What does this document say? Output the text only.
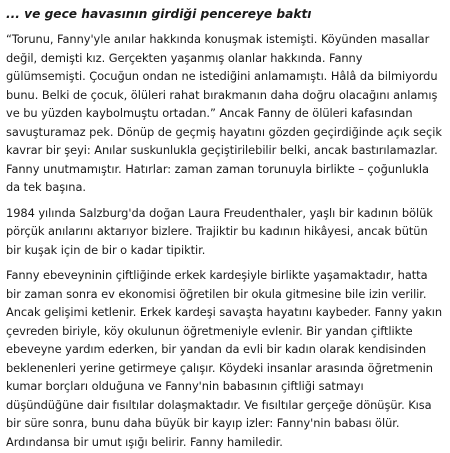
... ve gece havasının girdiği pencereye baktı

“Torunu, Fanny'yle anılar hakkında konuşmak istemişti. Köyünden masallar değil, demişti kız. Gerçekten yaşanmış olanlar hakkında. Fanny gülümsemişti. Çocuğun ondan ne istediğini anlamamıştı. Hâlâ da bilmiyordu bunu. Belki de çocuk, ölüleri rahat bırakmanın daha doğru olacağını anlamış ve bu yüzden kaybolmuştu ortadan.” Ancak Fanny de ölüleri kafasından savuşturamaz pek. Dönüp de geçmiş hayatını gözden geçirdiğinde açık seçik kavrar bir şeyi: Anılar suskunlukla geçiştirilebilir belki, ancak bastırılamazlar. Fanny unutmamıştır. Hatırlar: zaman zaman torunuyla birlikte – çoğunlukla da tek başına.

1984 yılında Salzburg'da doğan Laura Freudenthaler, yaşlı bir kadının bölük pörçük anılarını aktarıyor bizlere. Trajiktir bu kadının hikâyesi, ancak bütün bir kuşak için de bir o kadar tipiktir.

Fanny ebeveyninin çiftliğinde erkek kardeşiyle birlikte yaşamaktadır, hatta bir zaman sonra ev ekonomisi öğretilen bir okula gitmesine bile izin verilir. Ancak gelişimi ketlenir. Erkek kardeşi savaşta hayatını kaybeder. Fanny yakın çevreden biriyle, köy okulunun öğretmeniyle evlenir. Bir yandan çiftlikte ebeveyne yardım ederken, bir yandan da evli bir kadın olarak kendisinden beklenenleri yerine getirmeye çalışır. Köydeki insanlar arasında öğretmenin kumar borçları olduğuna ve Fanny'nin babasının çiftliği satmayı düşündüğüne dair fısıltılar dolaşmaktadır. Ve fısıltılar gerçeğe dönüşür. Kısa bir süre sonra, bunu daha büyük bir kayıp izler: Fanny'nin babası ölür. Ardındansa bir umut ışığı belirir. Fanny hamiledir.
